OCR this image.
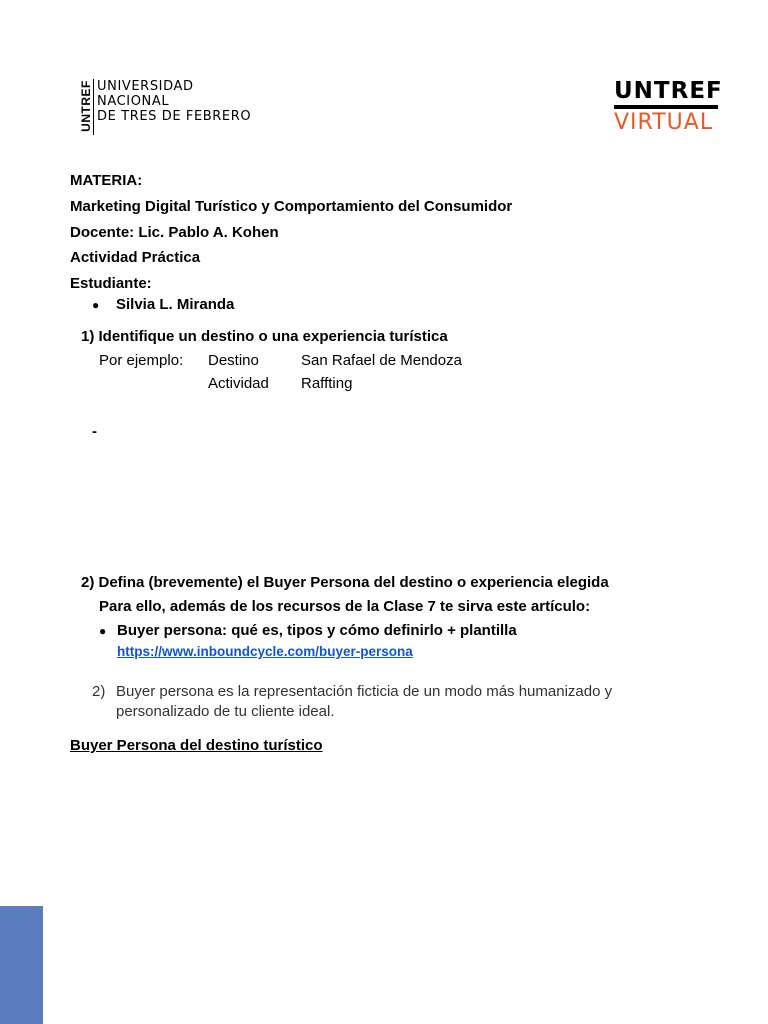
UNTREF UNIVERSIDAD
NACIONAL
DE TRES DE FEBRERO
UNTREF
VIRTUAL
MATERIA:
Marketing Digital Turístico y Comportamiento del Consumidor
Docente: Lic. Pablo A. Kohen
Actividad Práctica
Estudiante:
● Silvia L. Miranda
1) Identifique un destino o una experiencia turística
Por ejemplo: Destino	San Rafael de Mendoza
Actividad Raffting
-
2) Defina (brevemente) el Buyer Persona del destino o experiencia elegida
Para ello, además de los recursos de la Clase 7 te sirva este artículo:
● Buyer persona: qué es, tipos y cómo definirlo + plantilla
https://www.inboundcycle.com/buyer-persona
2) Buyer persona es la representación ficticia de un modo más humanizado y
personalizado de tu cliente ideal.
Buyer Persona del destino turístico
